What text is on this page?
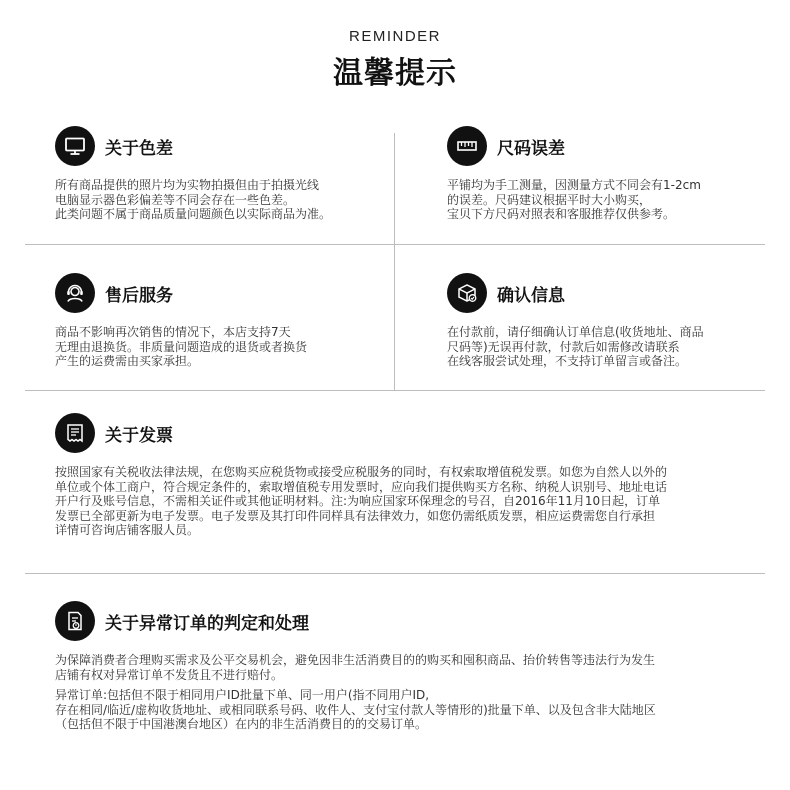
REMINDER
温馨提示
关于色差

所有商品提供的照片均为实物拍摄但由于拍摄光线
电脑显示器色彩偏差等不同会存在一些色差。
此类问题不属于商品质量问题颜色以实际商品为准。

尺码误差

平铺均为手工测量，因测量方式不同会有1-2cm
的误差。尺码建议根据平时大小购买，
宝贝下方尺码对照表和客服推荐仅供参考。

售后服务

商品不影响再次销售的情况下，本店支持7天
无理由退换货。非质量问题造成的退货或者换货
产生的运费需由买家承担。

确认信息

在付款前，请仔细确认订单信息(收货地址、商品
尺码等)无误再付款，付款后如需修改请联系
在线客服尝试处理，不支持订单留言或备注。

关于发票

按照国家有关税收法律法规，在您购买应税货物或接受应税服务的同时，有权索取增值税发票。如您为自然人以外的
单位或个体工商户，符合规定条件的，索取增值税专用发票时，应向我们提供购买方名称、纳税人识别号、地址电话
开户行及账号信息，不需相关证件或其他证明材料。注:为响应国家环保理念的号召，自2016年11月10日起，订单
发票已全部更新为电子发票。电子发票及其打印件同样具有法律效力，如您仍需纸质发票，相应运费需您自行承担
详情可咨询店铺客服人员。

关于异常订单的判定和处理

为保障消费者合理购买需求及公平交易机会，避免因非生活消费目的的购买和囤积商品、抬价转售等违法行为发生
店铺有权对异常订单不发货且不进行赔付。

异常订单:包括但不限于相同用户ID批量下单、同一用户(指不同用户ID,
存在相同/临近/虚构收货地址、或相同联系号码、收件人、支付宝付款人等情形的)批量下单、以及包含非大陆地区
（包括但不限于中国港澳台地区）在内的非生活消费目的的交易订单。
